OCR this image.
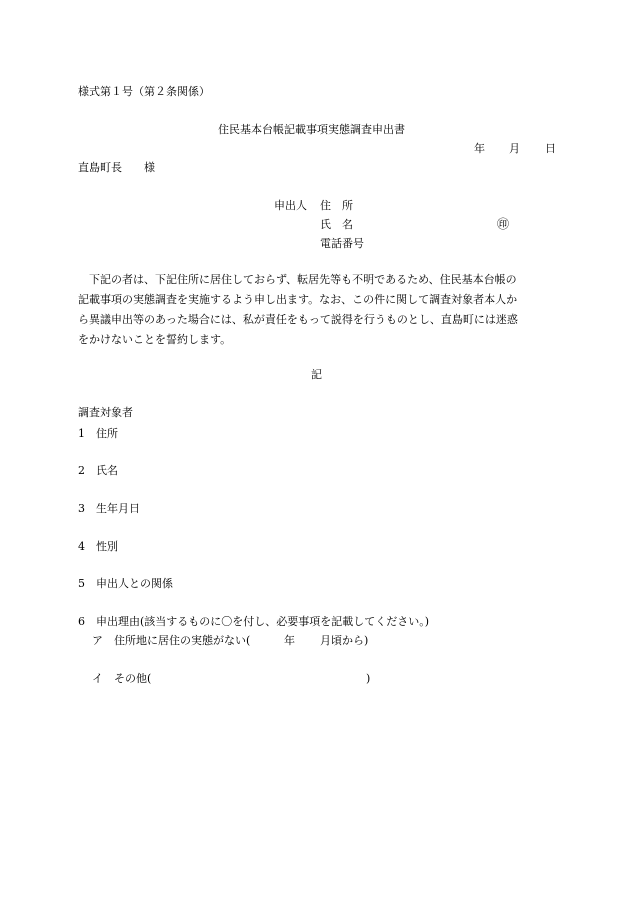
様式第１号（第２条関係）
住民基本台帳記載事項実態調査申出書
年 月 日
直島町長　　様
申出人 住　所
氏　名	㊞
電話番号

　下記の者は、下記住所に居住しておらず、転居先等も不明であるため、住民基本台帳の

記載事項の実態調査を実施するよう申し出ます。なお、この件に関して調査対象者本人か

ら異議申出等のあった場合には、私が責任をもって説得を行うものとし、直島町には迷惑

をかけないことを誓約します。

記
調査対象者
1　住所
2　氏名
3　生年月日
4　性別
5　申出人との関係
6　申出理由(該当するものに〇を付し、必要事項を記載してください。)
ア　住所地に居住の実態がない(	年 月頃から)
イ　その他(	)
